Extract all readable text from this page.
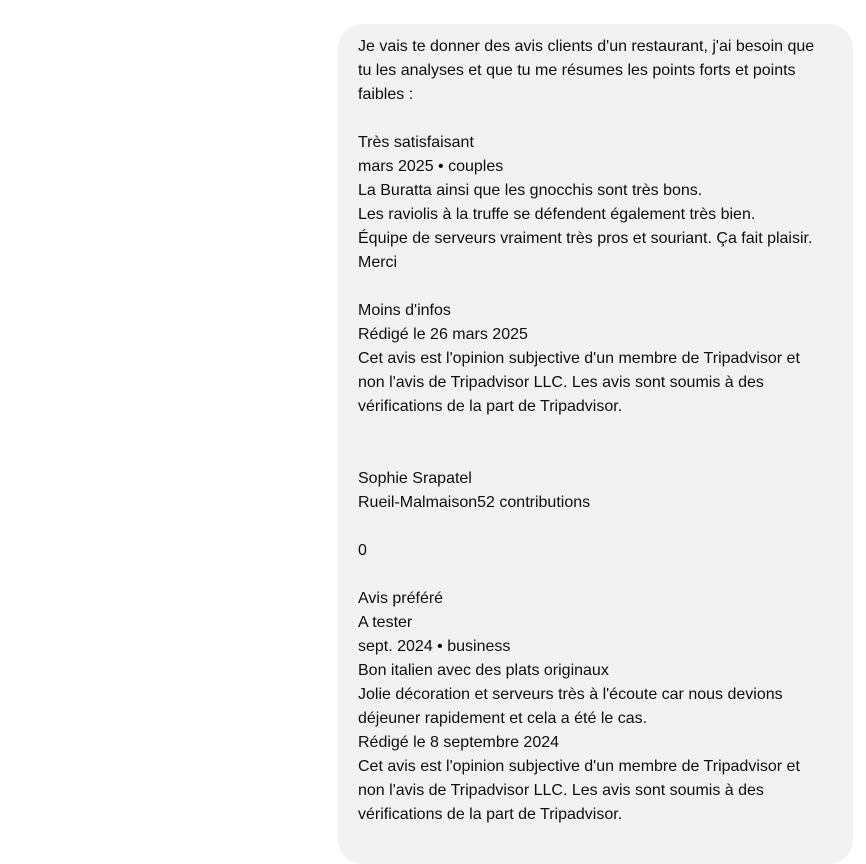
Je vais te donner des avis clients d'un restaurant, j'ai besoin que
tu les analyses et que tu me résumes les points forts et points
faibles :
Très satisfaisant
mars 2025 • couples
La Buratta ainsi que les gnocchis sont très bons.
Les raviolis à la truffe se défendent également très bien.
Équipe de serveurs vraiment très pros et souriant. Ça fait plaisir.
Merci
Moins d'infos
Rédigé le 26 mars 2025
Cet avis est l'opinion subjective d'un membre de Tripadvisor et
non l'avis de Tripadvisor LLC. Les avis sont soumis à des
vérifications de la part de Tripadvisor.
Sophie Srapatel
Rueil-Malmaison52 contributions
0
Avis préféré
A tester
sept. 2024 • business
Bon italien avec des plats originaux
Jolie décoration et serveurs très à l'écoute car nous devions
déjeuner rapidement et cela a été le cas.
Rédigé le 8 septembre 2024
Cet avis est l'opinion subjective d'un membre de Tripadvisor et
non l'avis de Tripadvisor LLC. Les avis sont soumis à des
vérifications de la part de Tripadvisor.
